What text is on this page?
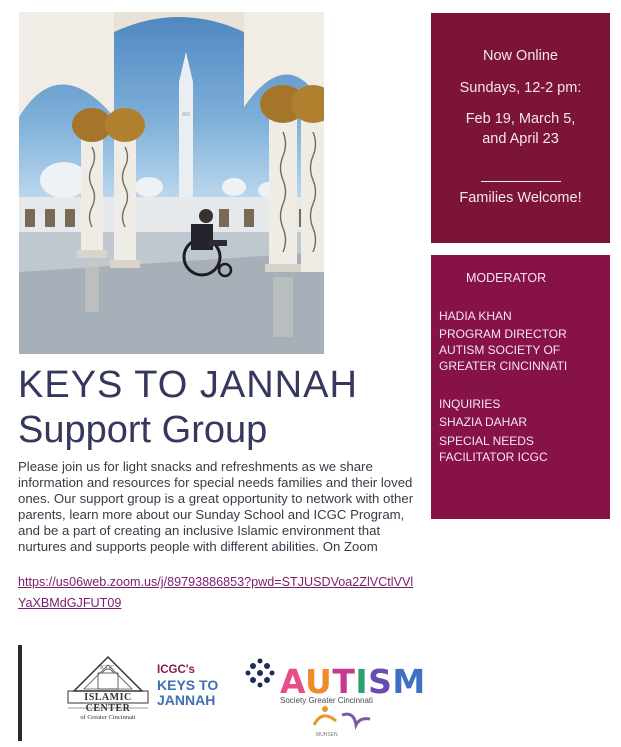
KEYS TO JANNAH
Support Group
Please join us for light snacks and refreshments as we share information and resources for special needs families and their loved ones. Our support group is a great opportunity to network with other parents, learn more about our Sunday School and ICGC Program, and be a part of creating an inclusive Islamic environment that nurtures and supports people with different abilities. On Zoom
https://us06web.zoom.us/j/89793886853?pwd=STJUSDVoa2ZlVCtlVVlYaXBMdGJFUT09
Now Online
Sundays, 12-2 pm:
Feb 19, March 5,
and April 23
Families Welcome!
MODERATOR
HADIA KHAN
PROGRAM DIRECTOR
AUTISM SOCIETY OF
GREATER CINCINNATI
INQUIRIES
SHAZIA DAHAR
SPECIAL NEEDS
FACILITATOR ICGC
ICGC
ISLAMIC CENTER
of Greater Cincinnati
ICGC's
KEYS TO
JANNAH AUTISM
Society Greater Cincinnati
MUHSEN
